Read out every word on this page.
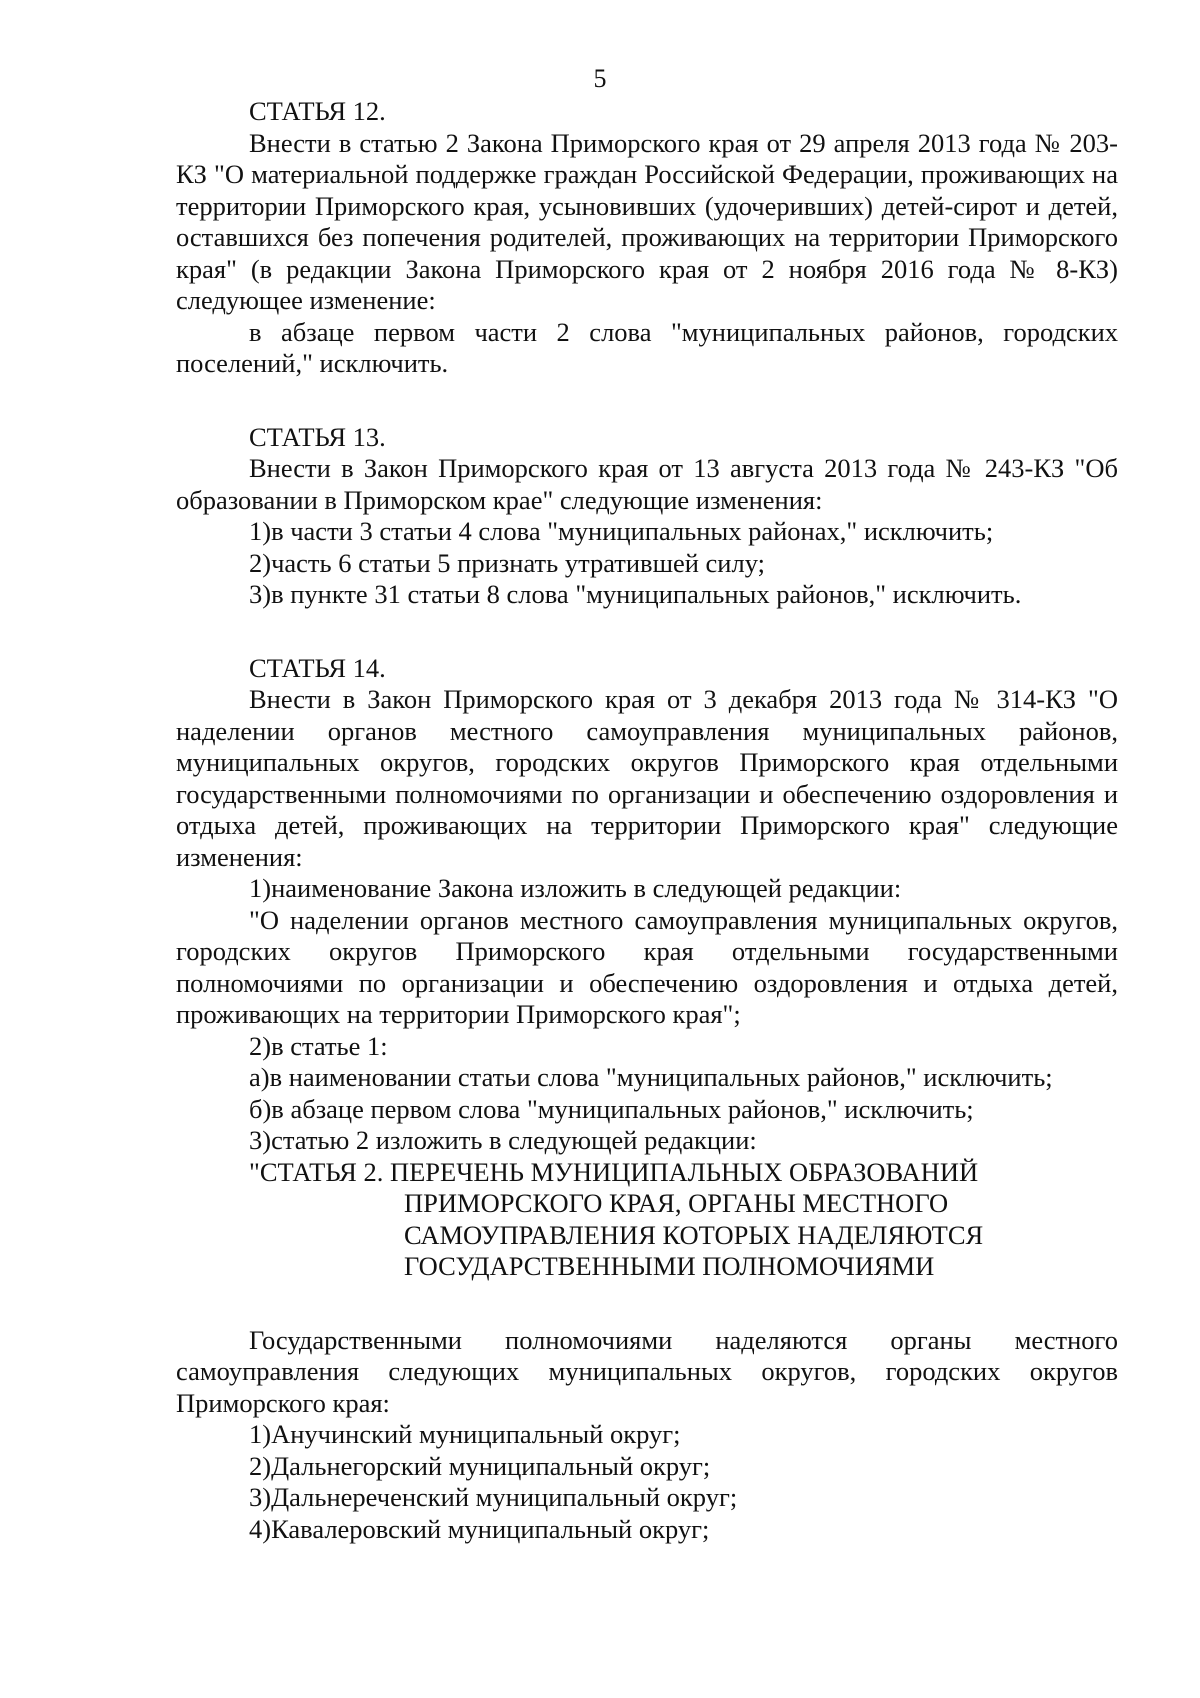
5

СТАТЬЯ 12.

Внести в статью 2 Закона Приморского края от 29 апреля 2013 года № 203-КЗ "О материальной поддержке граждан Российской Федерации, проживающих на территории Приморского края, усыновивших (удочеривших) детей-сирот и детей, оставшихся без попечения родителей, проживающих на территории Приморского края" (в редакции Закона Приморского края от 2 ноября 2016 года № 8-КЗ) следующее изменение:

в абзаце первом части 2 слова "муниципальных районов, городских поселений," исключить.

СТАТЬЯ 13.

Внести в Закон Приморского края от 13 августа 2013 года № 243-КЗ "Об образовании в Приморском крае" следующие изменения:

1)в части 3 статьи 4 слова "муниципальных районах," исключить;

2)часть 6 статьи 5 признать утратившей силу;

3)в пункте 31 статьи 8 слова "муниципальных районов," исключить.

СТАТЬЯ 14.

Внести в Закон Приморского края от 3 декабря 2013 года № 314-КЗ "О наделении органов местного самоуправления муниципальных районов, муниципальных округов, городских округов Приморского края отдельными государственными полномочиями по организации и обеспечению оздоровления и отдыха детей, проживающих на территории Приморского края" следующие изменения:

1)наименование Закона изложить в следующей редакции:

"О наделении органов местного самоуправления муниципальных округов, городских округов Приморского края отдельными государственными полномочиями по организации и обеспечению оздоровления и отдыха детей, проживающих на территории Приморского края";

2)в статье 1:

а)в наименовании статьи слова "муниципальных районов," исключить;

б)в абзаце первом слова "муниципальных районов," исключить;

3)статью 2 изложить в следующей редакции:

"СТАТЬЯ 2. ПЕРЕЧЕНЬ МУНИЦИПАЛЬНЫХ ОБРАЗОВАНИЙ
ПРИМОРСКОГО КРАЯ, ОРГАНЫ МЕСТНОГО
САМОУПРАВЛЕНИЯ КОТОРЫХ НАДЕЛЯЮТСЯ
ГОСУДАРСТВЕННЫМИ ПОЛНОМОЧИЯМИ

Государственными полномочиями наделяются органы местного самоуправления следующих муниципальных округов, городских округов Приморского края:

1)Анучинский муниципальный округ;

2)Дальнегорский муниципальный округ;

3)Дальнереченский муниципальный округ;

4)Кавалеровский муниципальный округ;
